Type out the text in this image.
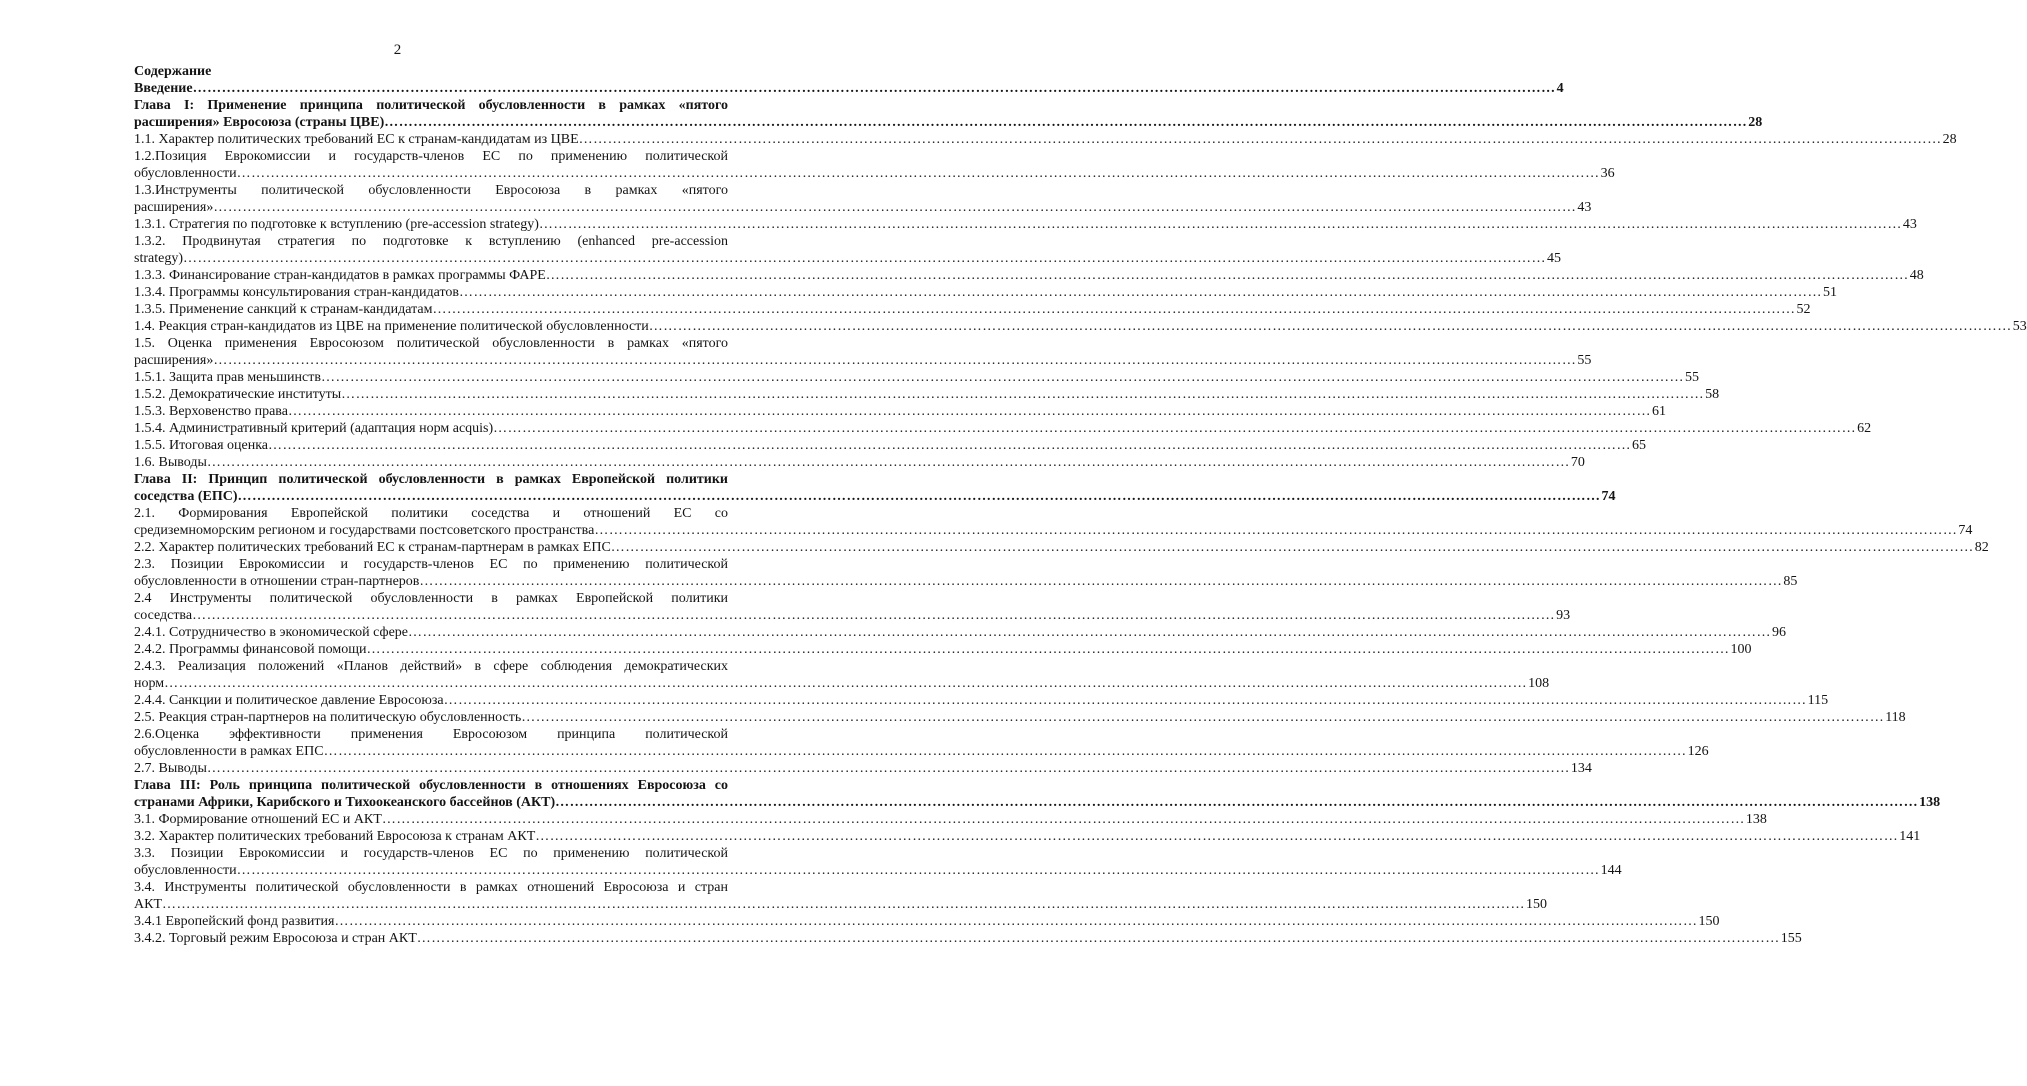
2
Содержание
Введение …………………………………………………………………………………………………………………………………………………………………………………………………………………………………………………………	4
Глава I: Применение принципа политической обусловленности в рамках «пятого
расширения» Евросоюза (страны ЦВЕ) …………………………………………………………………………………………………………………………………………………………………………………………………………………………………………………………	28
1.1. Характер политических требований ЕС к странам-кандидатам из ЦВЕ …………………………………………………………………………………………………………………………………………………………………………………………………………………………………………………………	28
1.2.Позиция Еврокомиссии и государств-членов ЕС по применению политической
обусловленности …………………………………………………………………………………………………………………………………………………………………………………………………………………………………………………………	36
1.3.Инструменты политической обусловленности Евросоюза в рамках «пятого
расширения» …………………………………………………………………………………………………………………………………………………………………………………………………………………………………………………………	43
1.3.1. Стратегия по подготовке к вступлению (pre-accession strategy) …………………………………………………………………………………………………………………………………………………………………………………………………………………………………………………………	43
1.3.2. Продвинутая стратегия по подготовке к вступлению (enhanced pre-accession
strategy) …………………………………………………………………………………………………………………………………………………………………………………………………………………………………………………………	45
1.3.3. Финансирование стран-кандидатов в рамках программы ФАРЕ …………………………………………………………………………………………………………………………………………………………………………………………………………………………………………………………	48
1.3.4. Программы консультирования стран-кандидатов …………………………………………………………………………………………………………………………………………………………………………………………………………………………………………………………	51
1.3.5. Применение санкций к странам-кандидатам …………………………………………………………………………………………………………………………………………………………………………………………………………………………………………………………	52
1.4. Реакция стран-кандидатов из ЦВЕ на применение политической обусловленности …………………………………………………………………………………………………………………………………………………………………………………………………………………………………………………………	53
1.5. Оценка применения Евросоюзом политической обусловленности в рамках «пятого
расширения» …………………………………………………………………………………………………………………………………………………………………………………………………………………………………………………………	55
1.5.1. Защита прав меньшинств …………………………………………………………………………………………………………………………………………………………………………………………………………………………………………………………	55
1.5.2. Демократические институты …………………………………………………………………………………………………………………………………………………………………………………………………………………………………………………………	58
1.5.3. Верховенство права …………………………………………………………………………………………………………………………………………………………………………………………………………………………………………………………	61
1.5.4. Административный критерий (адаптация норм acquis) …………………………………………………………………………………………………………………………………………………………………………………………………………………………………………………………	62
1.5.5. Итоговая оценка …………………………………………………………………………………………………………………………………………………………………………………………………………………………………………………………	65
1.6. Выводы …………………………………………………………………………………………………………………………………………………………………………………………………………………………………………………………	70
Глава II: Принцип политической обусловленности в рамках Европейской политики
соседства (ЕПС) …………………………………………………………………………………………………………………………………………………………………………………………………………………………………………………………	74
2.1. Формирования Европейской политики соседства и отношений ЕС со
средиземноморским регионом и государствами постсоветского пространства …………………………………………………………………………………………………………………………………………………………………………………………………………………………………………………………	74
2.2. Характер политических требований ЕС к странам-партнерам в рамках ЕПС …………………………………………………………………………………………………………………………………………………………………………………………………………………………………………………………	82
2.3. Позиции Еврокомиссии и государств-членов ЕС по применению политической
обусловленности в отношении стран-партнеров …………………………………………………………………………………………………………………………………………………………………………………………………………………………………………………………	85
2.4 Инструменты политической обусловленности в рамках Европейской политики
соседства …………………………………………………………………………………………………………………………………………………………………………………………………………………………………………………………	93
2.4.1. Сотрудничество в экономической сфере …………………………………………………………………………………………………………………………………………………………………………………………………………………………………………………………	96
2.4.2. Программы финансовой помощи …………………………………………………………………………………………………………………………………………………………………………………………………………………………………………………………	100
2.4.3. Реализация положений «Планов действий» в сфере соблюдения демократических
норм …………………………………………………………………………………………………………………………………………………………………………………………………………………………………………………………	108
2.4.4. Санкции и политическое давление Евросоюза …………………………………………………………………………………………………………………………………………………………………………………………………………………………………………………………	115
2.5. Реакция стран-партнеров на политическую обусловленность …………………………………………………………………………………………………………………………………………………………………………………………………………………………………………………………	118
2.6.Оценка эффективности применения Евросоюзом принципа политической
обусловленности в рамках ЕПС …………………………………………………………………………………………………………………………………………………………………………………………………………………………………………………………	126
2.7. Выводы …………………………………………………………………………………………………………………………………………………………………………………………………………………………………………………………	134
Глава III: Роль принципа политической обусловленности в отношениях Евросоюза со
странами Африки, Карибского и Тихоокеанского бассейнов (АКТ) …………………………………………………………………………………………………………………………………………………………………………………………………………………………………………………………	138
3.1. Формирование отношений ЕС и АКТ …………………………………………………………………………………………………………………………………………………………………………………………………………………………………………………………	138
3.2. Характер политических требований Евросоюза к странам АКТ …………………………………………………………………………………………………………………………………………………………………………………………………………………………………………………………	141
3.3. Позиции Еврокомиссии и государств-членов ЕС по применению политической
обусловленности …………………………………………………………………………………………………………………………………………………………………………………………………………………………………………………………	144
3.4. Инструменты политической обусловленности в рамках отношений Евросоюза и стран
АКТ …………………………………………………………………………………………………………………………………………………………………………………………………………………………………………………………	150
3.4.1 Европейский фонд развития …………………………………………………………………………………………………………………………………………………………………………………………………………………………………………………………	150
3.4.2. Торговый режим Евросоюза и стран АКТ …………………………………………………………………………………………………………………………………………………………………………………………………………………………………………………………	155
